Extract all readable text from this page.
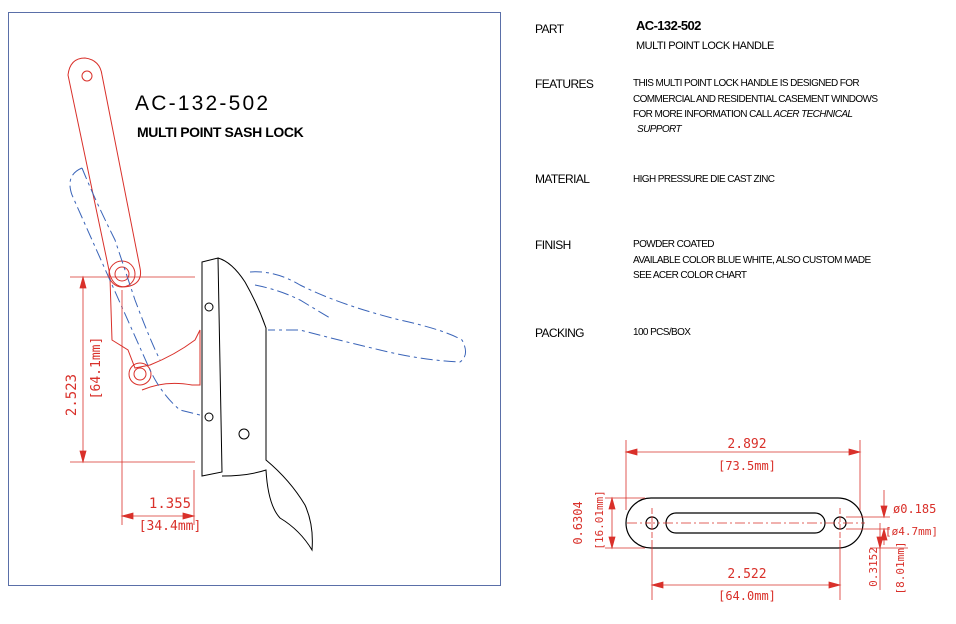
AC-132-502
MULTI POINT SASH LOCK
2.523 [64.1mm]
1.355
[34.4mm]
2.892
[73.5mm]
2.522
[64.0mm]
0.6304 [16.01mm]	ø0.185
[ø4.7mm]
0.3152 [8.01mm]
PART	AC-132-502
MULTI POINT LOCK HANDLE
FEATURES	THIS MULTI POINT LOCK HANDLE IS DESIGNED FOR
COMMERCIAL AND RESIDENTIAL CASEMENT WINDOWS
FOR MORE INFORMATION CALL ACER TECHNICAL
SUPPORT
MATERIAL	HIGH PRESSURE DIE CAST ZINC
FINISH	POWDER COATED
AVAILABLE COLOR BLUE WHITE, ALSO CUSTOM MADE
SEE ACER COLOR CHART
PACKING	100 PCS/BOX
